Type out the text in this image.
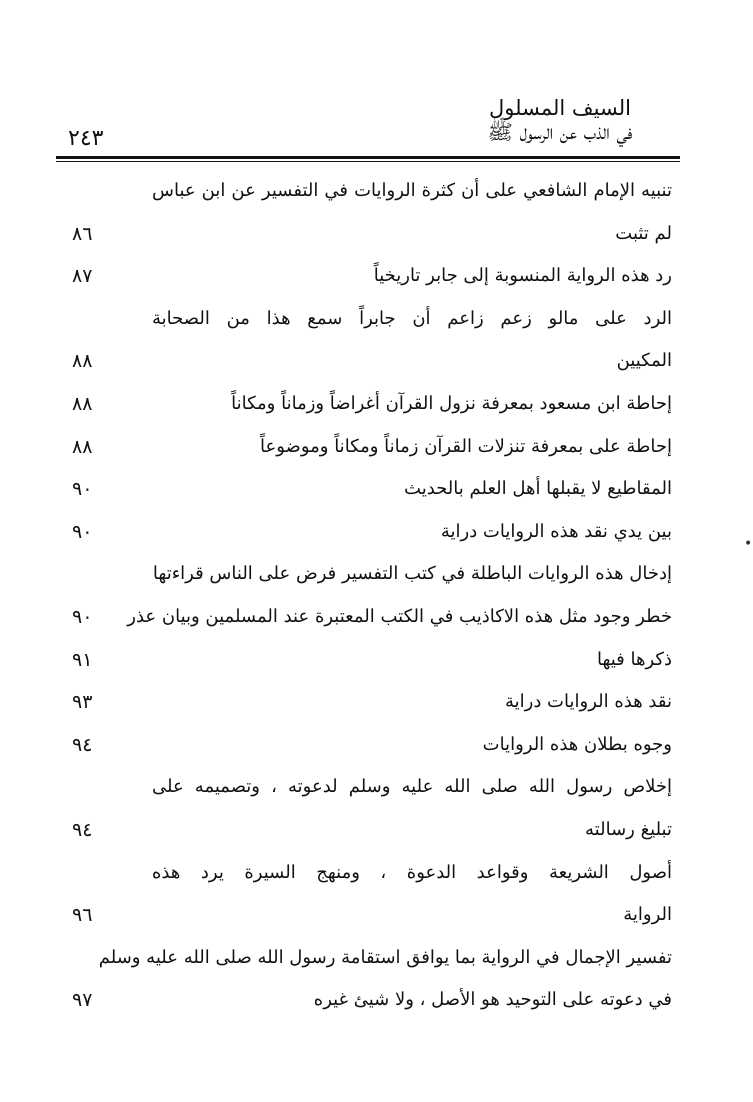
السيف المسلول
في الذب عن الرسول ﷺ
٢٤٣
تنبيه الإمام الشافعي على أن كثرة الروايات في التفسير عن ابن عباس
لم تثبت
٨٦
رد هذه الرواية المنسوبة إلى جابر تاريخياً
٨٧
الرد على مالو زعم زاعم أن جابراً سمع هذا من الصحابة
المكيين
٨٨
إحاطة ابن مسعود بمعرفة نزول القرآن أغراضاً وزماناً ومكاناً
٨٨
إحاطة على بمعرفة تنزلات القرآن زماناً ومكاناً وموضوعاً
٨٨
المقاطيع لا يقبلها أهل العلم بالحديث
٩٠
بين يدي نقد هذه الروايات دراية
٩٠
إدخال هذه الروايات الباطلة في كتب التفسير فرض على الناس قراءتها
خطر وجود مثل هذه الاكاذيب في الكتب المعتبرة عند المسلمين وبيان عذر
٩٠
ذكرها فيها
٩١
نقد هذه الروايات دراية
٩٣
وجوه بطلان هذه الروايات
٩٤
إخلاص رسول الله صلى الله عليه وسلم لدعوته ، وتصميمه على
تبليغ رسالته
٩٤
أصول الشريعة وقواعد الدعوة ، ومنهج السيرة يرد هذه
الرواية
٩٦
تفسير الإجمال في الرواية بما يوافق استقامة رسول الله صلى الله عليه وسلم
في دعوته على التوحيد هو الأصل ، ولا شيئ غيره
٩٧
•
